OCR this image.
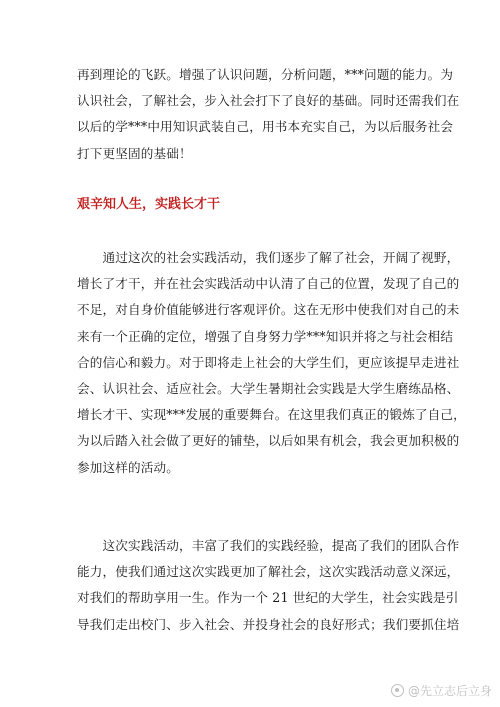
再到理论的飞跃。增强了认识问题，分析问题，***问题的能力。为
认识社会，了解社会，步入社会打下了良好的基础。同时还需我们在
以后的学***中用知识武装自己，用书本充实自己，为以后服务社会
打下更坚固的基础！
艰辛知人生，实践长才干
　　通过这次的社会实践活动，我们逐步了解了社会，开阔了视野，
增长了才干，并在社会实践活动中认清了自己的位置，发现了自己的
不足，对自身价值能够进行客观评价。这在无形中使我们对自己的未
来有一个正确的定位，增强了自身努力学***知识并将之与社会相结
合的信心和毅力。对于即将走上社会的大学生们，更应该提早走进社
会、认识社会、适应社会。大学生暑期社会实践是大学生磨练品格、
增长才干、实现***发展的重要舞台。在这里我们真正的锻炼了自己，
为以后踏入社会做了更好的铺垫，以后如果有机会，我会更加积极的
参加这样的活动。
　　这次实践活动，丰富了我们的实践经验，提高了我们的团队合作
能力，使我们通过这次实践更加了解社会，这次实践活动意义深远，
对我们的帮助享用一生。作为一个 21 世纪的大学生，社会实践是引
导我们走出校门、步入社会、并投身社会的良好形式；我们要抓住培
@先立志后立身
